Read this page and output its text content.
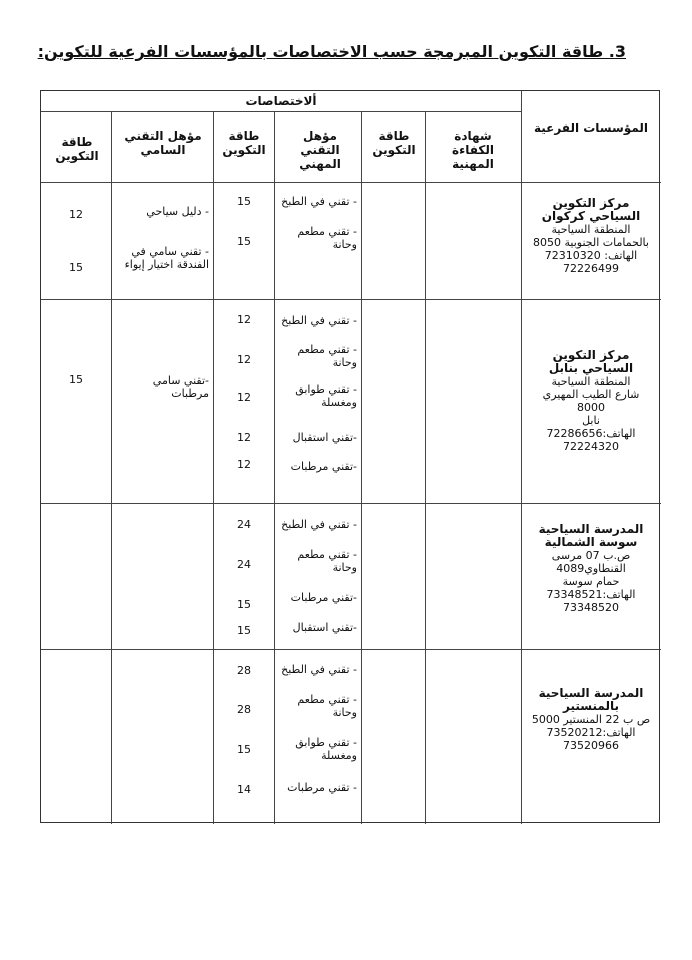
3. طاقة التكوين المبرمجة حسب الاختصاصات بالمؤسسات الفرعية للتكوين:
ألاختصاصات
المؤسسات الفرعية
شهادة الكفاءة المهنية
طاقة التكوين
مؤهل التقني المهني
طاقة التكوين
مؤهل التقني السامي
طاقة التكوين
مركز التكوين السياحي كركوان
المنطقة السياحية
بالحمامات الجنوبية 8050
الهاتف: 72310320
72226499
- تقني في الطبخ
- تقني مطعم وحانة
15
15
- دليل سياحي
- تقني سامي في الفندقة اختيار إيواء
12
15
مركز التكوين السياحي بنابل
المنطقة السياحية
شارع الطيب المهيري 8000
نابل
الهاتف:72286656
72224320
- تقني في الطبخ
- تقني مطعم وحانة
- تقني طوابق ومغسلة
-تقني استقبال
-تقني مرطبات
12
12
12
12
12
-تقني سامي مرطبات
15
المدرسة السياحية سوسة الشمالية
ص.ب 07 مرسى
القنطاوي4089
حمام سوسة
الهاتف:73348521
73348520
- تقني في الطبخ
- تقني مطعم وحانة
-تقني مرطبات
-تقني استقبال
24
24
15
15
المدرسة السياحية بالمنستير
ص ب 22 المنستير 5000
الهاتف:73520212
73520966
- تقني في الطبخ
- تقني مطعم وحانة
- تقني طوابق ومغسلة
- تقني مرطبات
28
28
15
14
